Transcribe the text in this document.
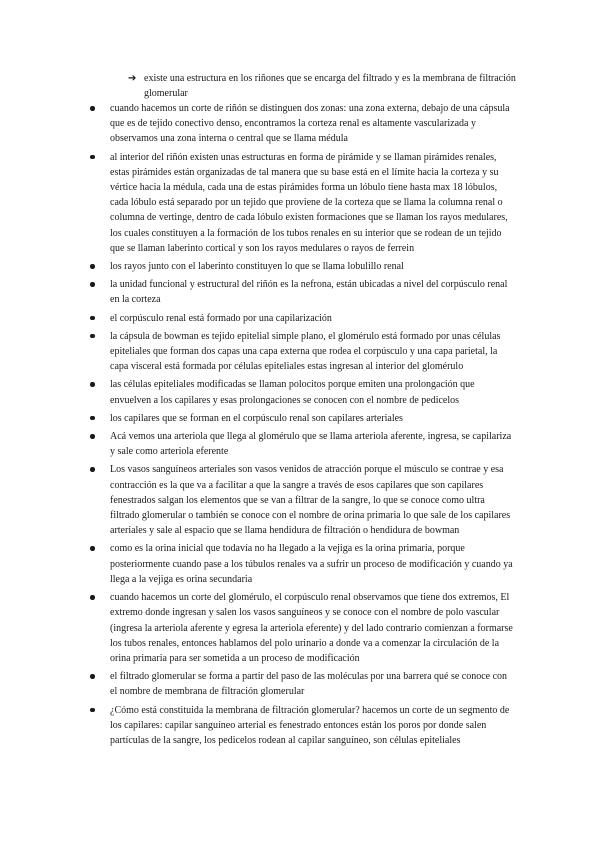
➔ existe una estructura en los riñones que se encarga del filtrado y es la membrana de filtración glomerular
cuando hacemos un corte de riñón se distinguen dos zonas: una zona externa, debajo de una cápsula que es de tejido conectivo denso, encontramos la corteza renal es altamente vascularizada y observamos una zona interna o central que se llama médula
al interior del riñón existen unas estructuras en forma de pirámide y se llaman pirámides renales, estas pirámides están organizadas de tal manera que su base está en el límite hacia la corteza y su vértice hacia la médula, cada una de estas pirámides forma un lóbulo tiene hasta max 18 lóbulos, cada lóbulo está separado por un tejido que proviene de la corteza que se llama la columna renal o columna de vertinge, dentro de cada lóbulo existen formaciones que se llaman los rayos medulares, los cuales constituyen a la formación de los tubos renales en su interior que se rodean de un tejido que se llaman laberinto cortical y son los rayos medulares o rayos de ferrein
los rayos junto con el laberinto constituyen lo que se llama lobulillo renal
la unidad funcional y estructural del riñón es la nefrona, están ubicadas a nivel del corpúsculo renal en la corteza
el corpúsculo renal está formado por una capilarización
la cápsula de bowman es tejido epitelial simple plano, el glomérulo está formado por unas células epiteliales que forman dos capas una capa externa que rodea el corpúsculo y una capa parietal, la capa visceral está formada por células epiteliales estas ingresan al interior del glomérulo
las células epiteliales modificadas se llaman polocitos porque emiten una prolongación que envuelven a los capilares y esas prolongaciones se conocen con el nombre de pedicelos
los capilares que se forman en el corpúsculo renal son capilares arteriales
Acá vemos una arteriola que llega al glomérulo que se llama arteriola aferente, ingresa, se capilariza y sale como arteriola eferente
Los vasos sanguíneos arteriales son vasos venidos de atracción porque el músculo se contrae y esa contracción es la que va a facilitar a que la sangre a través de esos capilares que son capilares fenestrados salgan los elementos que se van a filtrar de la sangre, lo que se conoce como ultra filtrado glomerular o también se conoce con el nombre de orina primaria lo que sale de los capilares arteriales y sale al espacio que se llama hendidura de filtración o hendidura de bowman
como es la orina inicial que todavía no ha llegado a la vejiga es la orina primaria, porque posteriormente cuando pase a los túbulos renales va a sufrir un proceso de modificación y cuando ya llega a la vejiga es orina secundaria
cuando hacemos un corte del glomérulo, el corpúsculo renal observamos que tiene dos extremos, El extremo donde ingresan y salen los vasos sanguíneos y se conoce con el nombre de polo vascular (ingresa la arteriola aferente y egresa la arteriola eferente) y del lado contrario comienzan a formarse los tubos renales, entonces hablamos del polo urinario a donde va a comenzar la circulación de la orina primaria para ser sometida a un proceso de modificación
el filtrado glomerular se forma a partir del paso de las moléculas por una barrera qué se conoce con el nombre de membrana de filtración glomerular
¿Cómo está constituida la membrana de filtración glomerular? hacemos un corte de un segmento de los capilares: capilar sanguíneo arterial es fenestrado entonces están los poros por donde salen partículas de la sangre, los pedicelos rodean al capilar sanguíneo, son células epiteliales
